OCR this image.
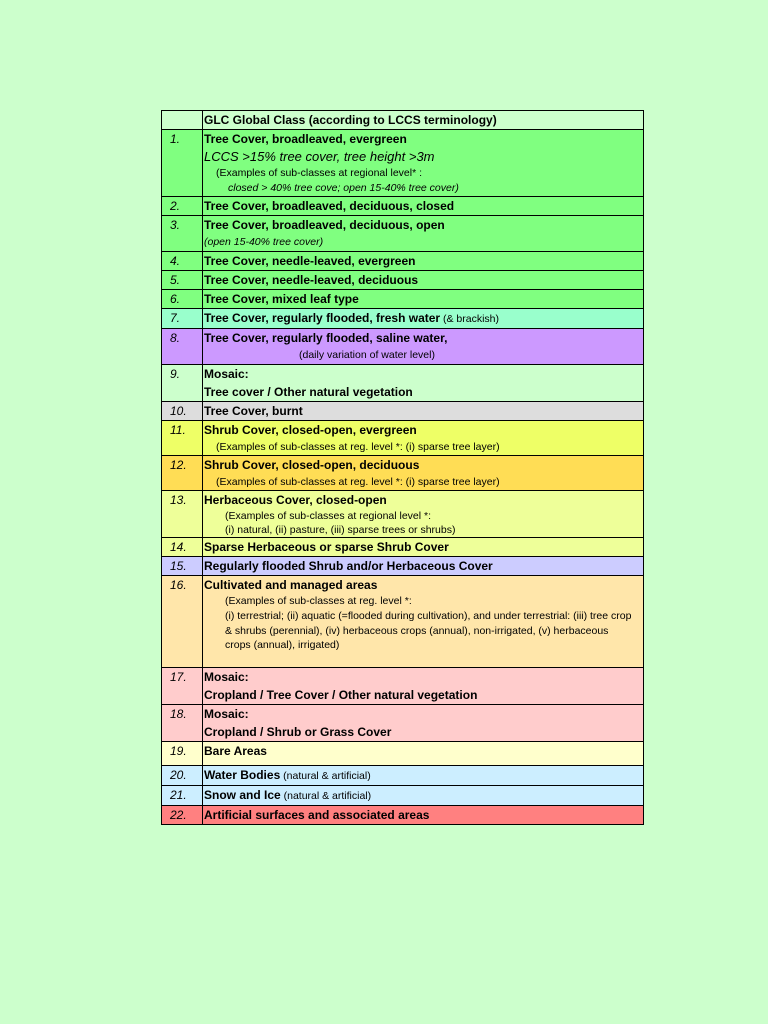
	GLC Global Class (according to LCCS terminology)

1.	Tree Cover, broadleaved, evergreen
LCCS >15% tree cover, tree height >3m
(Examples of sub-classes at regional level* :
closed > 40% tree cove; open 15-40% tree cover)

2.	Tree Cover, broadleaved, deciduous, closed

3.	Tree Cover, broadleaved, deciduous, open
(open 15-40% tree cover)

4.	Tree Cover, needle-leaved, evergreen

5.	Tree Cover, needle-leaved, deciduous

6.	Tree Cover, mixed leaf type

7.	Tree Cover, regularly flooded, fresh water (& brackish)

8.	Tree Cover, regularly flooded, saline water,
(daily variation of water level)

9.	Mosaic:
Tree cover / Other natural vegetation

10.	Tree Cover, burnt

11.	Shrub Cover, closed-open, evergreen
(Examples of sub-classes at reg. level *: (i) sparse tree layer)

12.	Shrub Cover, closed-open, deciduous
(Examples of sub-classes at reg. level *: (i) sparse tree layer)

13.	Herbaceous Cover, closed-open
(Examples of sub-classes at regional level *:
(i) natural, (ii) pasture, (iii) sparse trees or shrubs)

14.	Sparse Herbaceous or sparse Shrub Cover

15.	Regularly flooded Shrub and/or Herbaceous Cover

16.	Cultivated and managed areas
(Examples of sub-classes at reg. level *:
(i) terrestrial; (ii) aquatic (=flooded during cultivation), and under terrestrial: (iii) tree crop & shrubs (perennial), (iv) herbaceous crops (annual), non-irrigated, (v) herbaceous crops (annual), irrigated)

17.	Mosaic:
Cropland / Tree Cover / Other natural vegetation

18.	Mosaic:
Cropland / Shrub or Grass Cover

19.	Bare Areas

20.	Water Bodies (natural & artificial)

21.	Snow and Ice (natural & artificial)

22.	Artificial surfaces and associated areas
